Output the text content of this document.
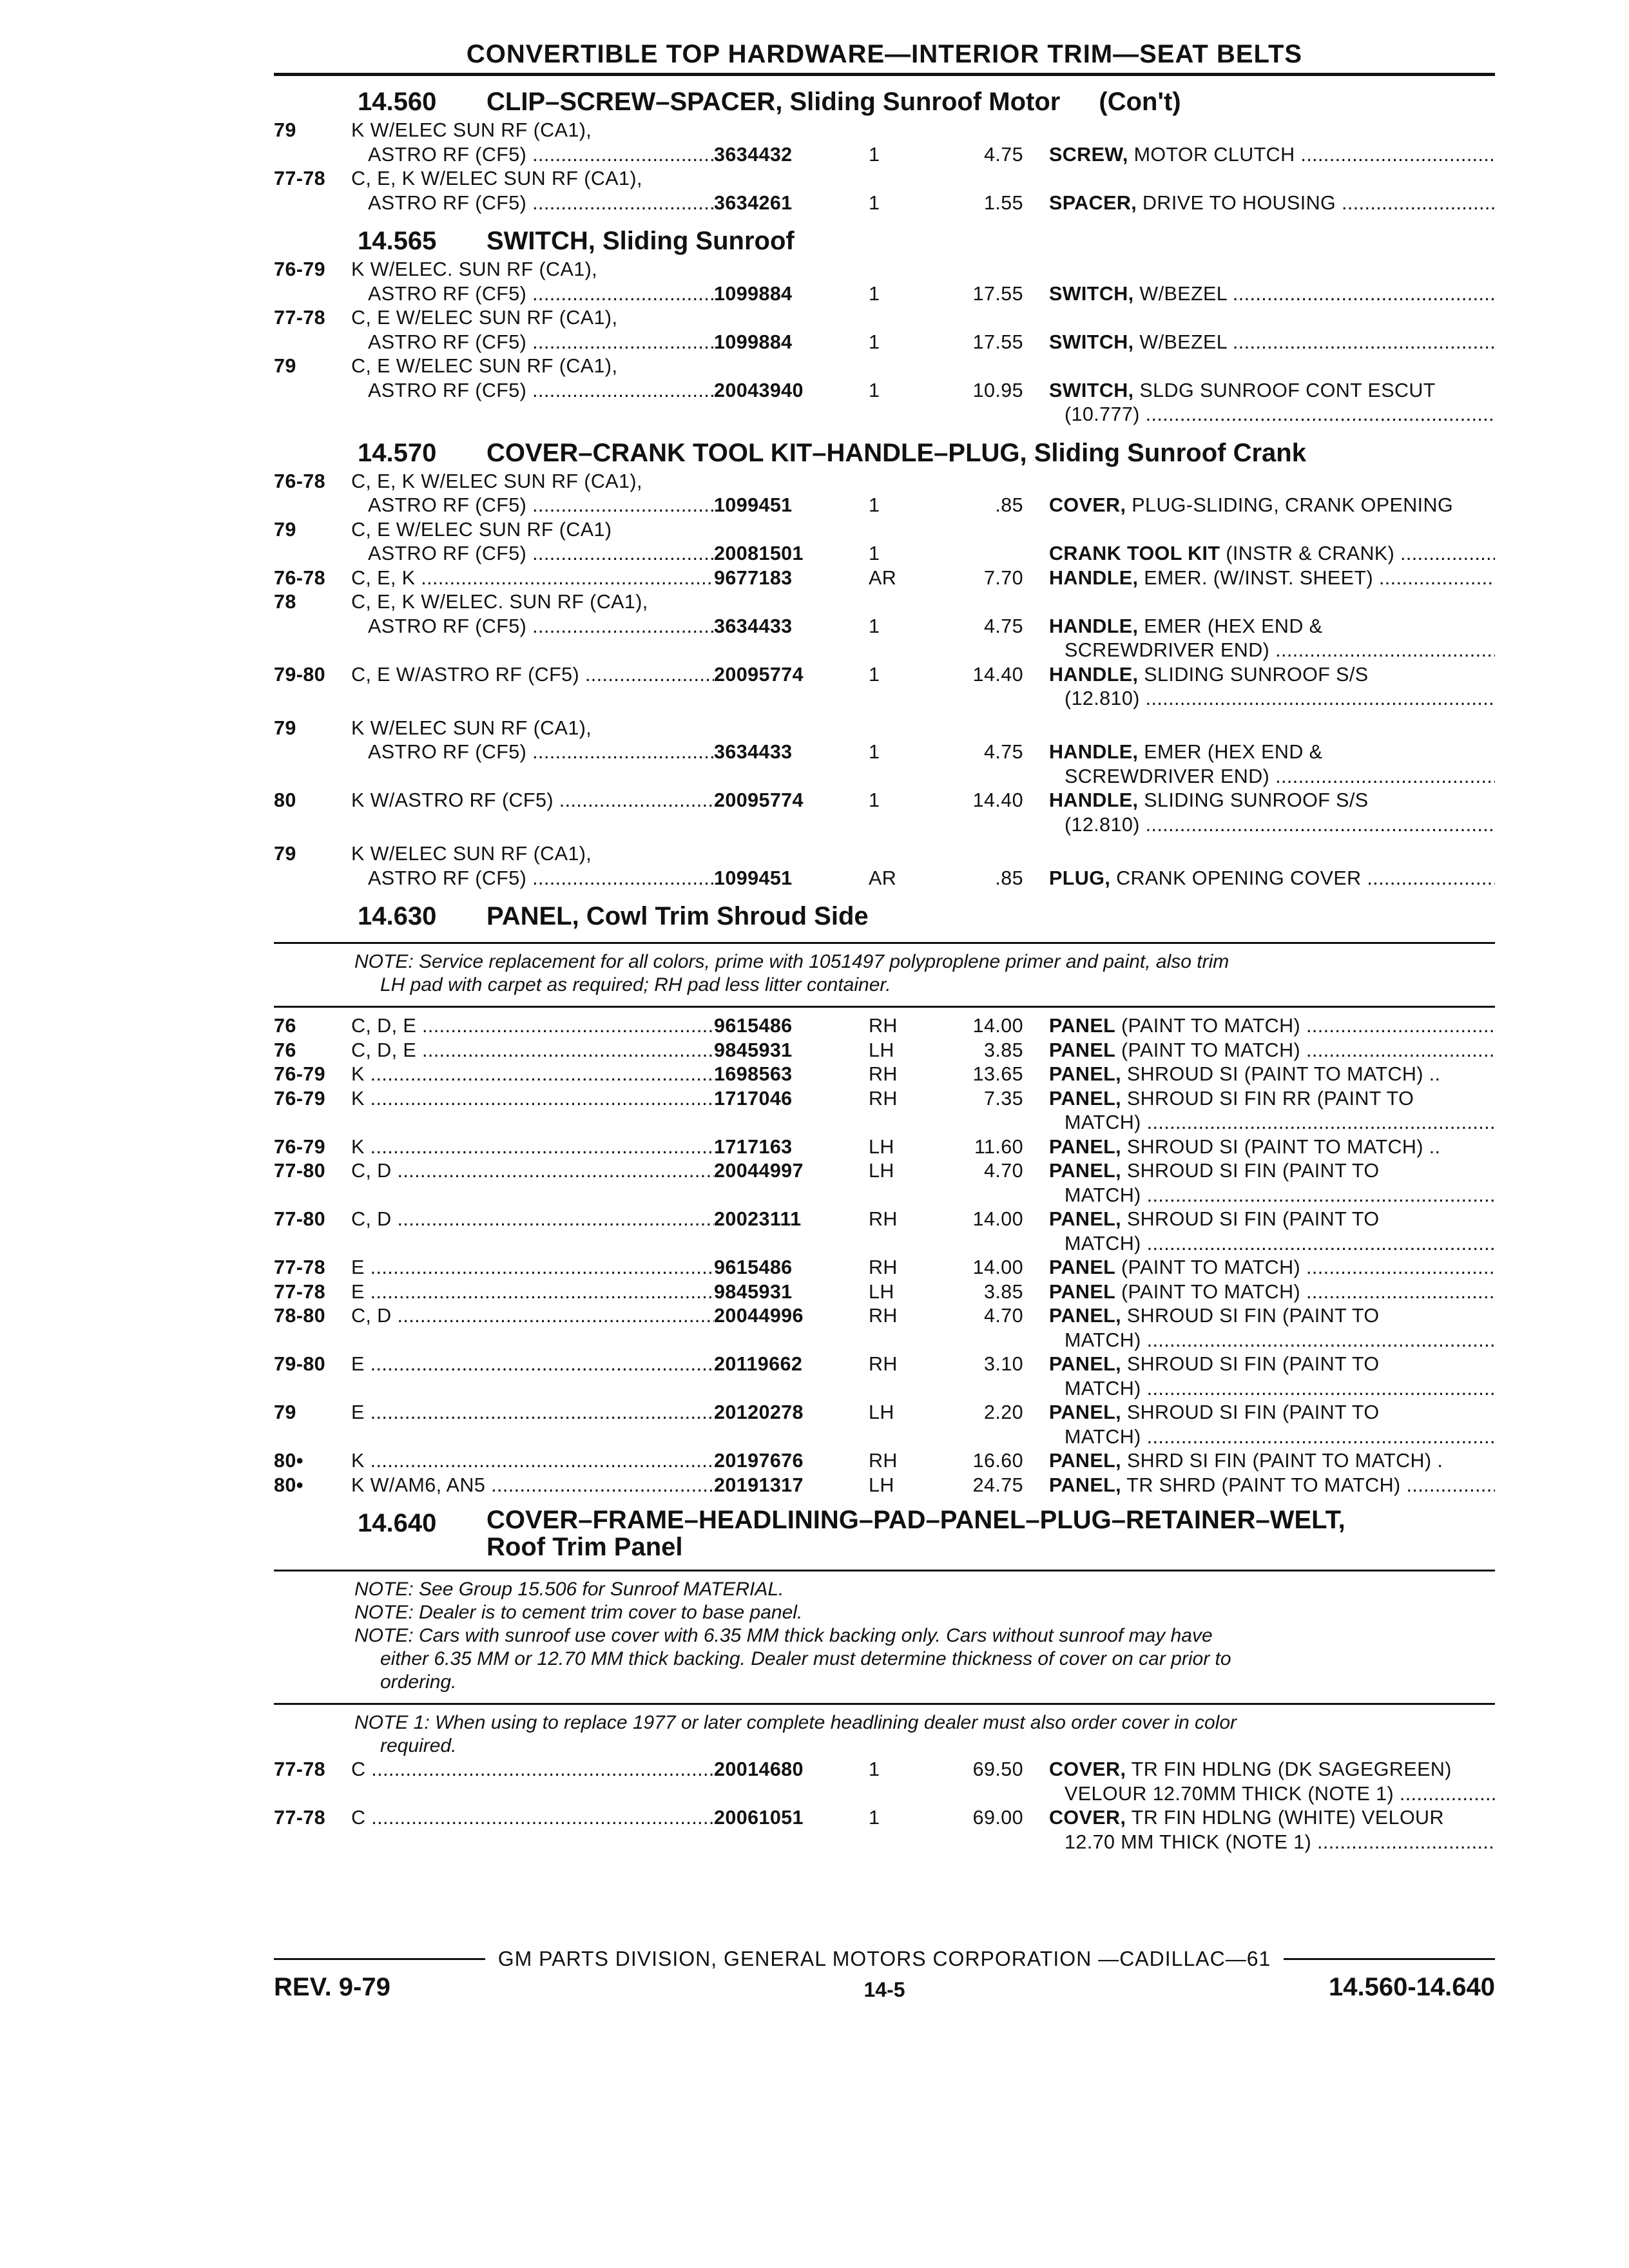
CONVERTIBLE TOP HARDWARE—INTERIOR TRIM—SEAT BELTS
14.560	CLIP–SCREW–SPACER, Sliding Sunroof Motor (Con't)
79	K W/ELEC SUN RF (CA1),
ASTRO RF (CF5) .....	3634432	1	4.75	SCREW, MOTOR CLUTCH .....
77-78	C, E, K W/ELEC SUN RF (CA1),
ASTRO RF (CF5) .....	3634261	1	1.55	SPACER, DRIVE TO HOUSING .....
14.565	SWITCH, Sliding Sunroof
76-79	K W/ELEC. SUN RF (CA1),
ASTRO RF (CF5) .....	1099884	1	17.55	SWITCH, W/BEZEL .....
77-78	C, E W/ELEC SUN RF (CA1),
ASTRO RF (CF5) .....	1099884	1	17.55	SWITCH, W/BEZEL .....
79	C, E W/ELEC SUN RF (CA1),
ASTRO RF (CF5) .....	20043940	1	10.95	SWITCH, SLDG SUNROOF CONT ESCUT
(10.777) .....
14.570	COVER–CRANK TOOL KIT–HANDLE–PLUG, Sliding Sunroof Crank
76-78	C, E, K W/ELEC SUN RF (CA1),
ASTRO RF (CF5) .....	1099451	1	.85	COVER, PLUG-SLIDING, CRANK OPENING
79	C, E W/ELEC SUN RF (CA1)
ASTRO RF (CF5) .....	20081501	1	CRANK TOOL KIT (INSTR & CRANK) .....
76-78	C, E, K .....	9677183	AR	7.70	HANDLE, EMER. (W/INST. SHEET) .....
78	C, E, K W/ELEC. SUN RF (CA1),
ASTRO RF (CF5) .....	3634433	1	4.75	HANDLE, EMER (HEX END &
SCREWDRIVER END) .....
79-80	C, E W/ASTRO RF (CF5) .....	20095774	1	14.40	HANDLE, SLIDING SUNROOF S/S
(12.810) .....
79	K W/ELEC SUN RF (CA1),
ASTRO RF (CF5) .....	3634433	1	4.75	HANDLE, EMER (HEX END &
SCREWDRIVER END) .....
80	K W/ASTRO RF (CF5) .....	20095774	1	14.40	HANDLE, SLIDING SUNROOF S/S
(12.810) .....
79	K W/ELEC SUN RF (CA1),
ASTRO RF (CF5) .....	1099451	AR	.85	PLUG, CRANK OPENING COVER .....
14.630	PANEL, Cowl Trim Shroud Side
NOTE: Service replacement for all colors, prime with 1051497 polyproplene primer and paint, also trim
LH pad with carpet as required; RH pad less litter container.
76	C, D, E .....	9615486	RH	14.00	PANEL (PAINT TO MATCH) .....
76	C, D, E .....	9845931	LH	3.85	PANEL (PAINT TO MATCH) .....
76-79	K .....	1698563	RH	13.65	PANEL, SHROUD SI (PAINT TO MATCH) ..
76-79	K .....	1717046	RH	7.35	PANEL, SHROUD SI FIN RR (PAINT TO
MATCH) .....
76-79	K .....	1717163	LH	11.60	PANEL, SHROUD SI (PAINT TO MATCH) ..
77-80	C, D .....	20044997	LH	4.70	PANEL, SHROUD SI FIN (PAINT TO
MATCH) .....
77-80	C, D .....	20023111	RH	14.00	PANEL, SHROUD SI FIN (PAINT TO
MATCH) .....
77-78	E .....	9615486	RH	14.00	PANEL (PAINT TO MATCH) .....
77-78	E .....	9845931	LH	3.85	PANEL (PAINT TO MATCH) .....
78-80	C, D .....	20044996	RH	4.70	PANEL, SHROUD SI FIN (PAINT TO
MATCH) .....
79-80	E .....	20119662	RH	3.10	PANEL, SHROUD SI FIN (PAINT TO
MATCH) .....
79	E .....	20120278	LH	2.20	PANEL, SHROUD SI FIN (PAINT TO
MATCH) .....
80•	K .....	20197676	RH	16.60	PANEL, SHRD SI FIN (PAINT TO MATCH) .
80•	K W/AM6, AN5 .....	20191317	LH	24.75	PANEL, TR SHRD (PAINT TO MATCH) .....
14.640	COVER–FRAME–HEADLINING–PAD–PANEL–PLUG–RETAINER–WELT,
Roof Trim Panel
NOTE: See Group 15.506 for Sunroof MATERIAL.
NOTE: Dealer is to cement trim cover to base panel.
NOTE: Cars with sunroof use cover with 6.35 MM thick backing only. Cars without sunroof may have
either 6.35 MM or 12.70 MM thick backing. Dealer must determine thickness of cover on car prior to
ordering.
NOTE 1: When using to replace 1977 or later complete headlining dealer must also order cover in color
required.
77-78	C .....	20014680	1	69.50	COVER, TR FIN HDLNG (DK SAGEGREEN)
VELOUR 12.70MM THICK (NOTE 1) .....
77-78	C .....	20061051	1	69.00	COVER, TR FIN HDLNG (WHITE) VELOUR
12.70 MM THICK (NOTE 1) .....
GM PARTS DIVISION, GENERAL MOTORS CORPORATION —CADILLAC—61
REV. 9-79	14-5	14.560-14.640
